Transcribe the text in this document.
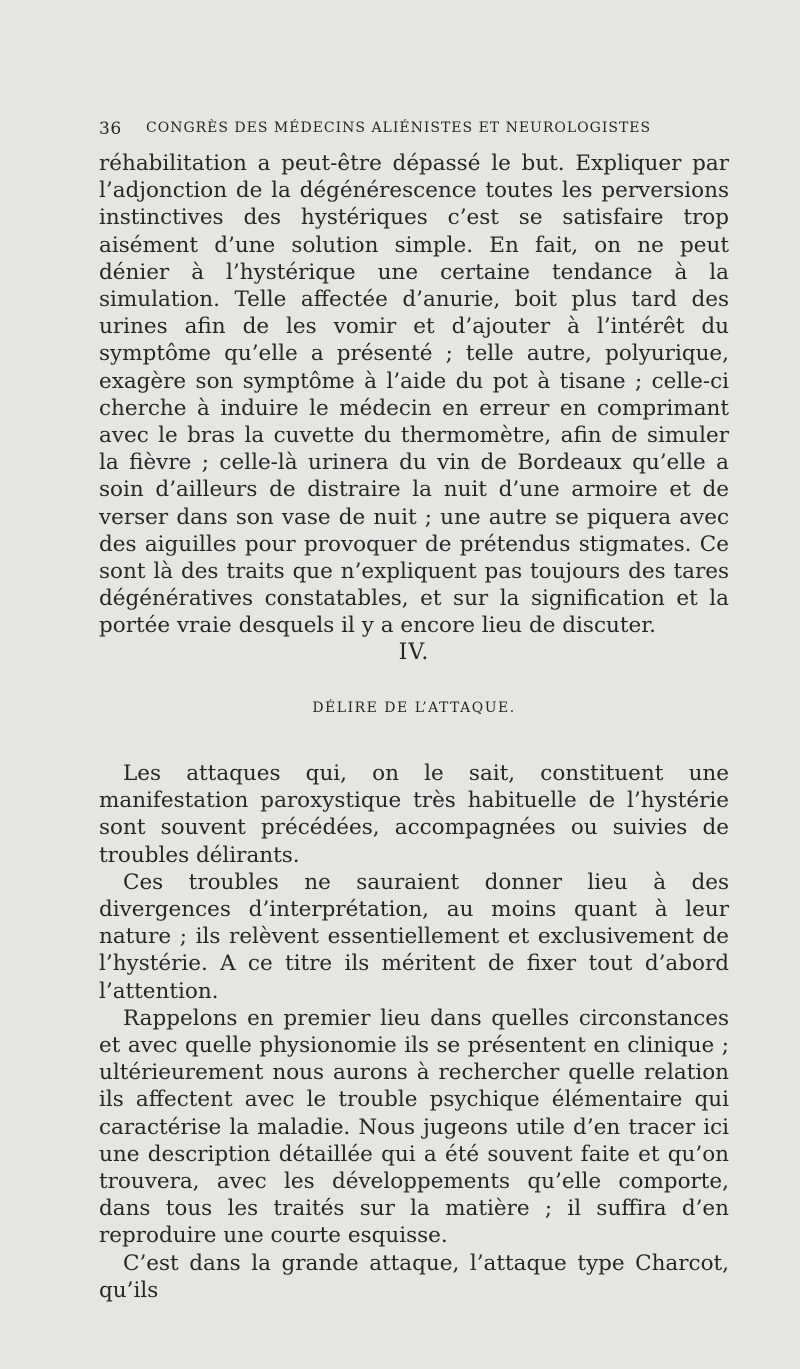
36 CONGRÈS DES MÉDECINS ALIÉNISTES ET NEUROLOGISTES

réhabilitation a peut-être dépassé le but. Expliquer par l’adjonction de la dégénérescence toutes les perversions instinctives des hystériques c’est se satisfaire trop aisément d’une solution simple. En fait, on ne peut dénier à l’hystérique une certaine tendance à la simulation. Telle affectée d’anurie, boit plus tard des urines afin de les vomir et d’ajouter à l’intérêt du symptôme qu’elle a présenté ; telle autre, polyurique, exagère son symptôme à l’aide du pot à tisane ; celle-ci cherche à induire le médecin en erreur en comprimant avec le bras la cuvette du thermomètre, afin de simuler la fièvre ; celle-là urinera du vin de Bordeaux qu’elle a soin d’ailleurs de distraire la nuit d’une armoire et de verser dans son vase de nuit ; une autre se piquera avec des aiguilles pour provoquer de prétendus stigmates. Ce sont là des traits que n’expliquent pas toujours des tares dégénératives constatables, et sur la signification et la portée vraie desquels il y a encore lieu de discuter.

IV.
DÉLIRE DE L’ATTAQUE.

Les attaques qui, on le sait, constituent une manifestation paroxystique très habituelle de l’hystérie sont souvent précédées, accompagnées ou suivies de troubles délirants.

Ces troubles ne sauraient donner lieu à des divergences d’interprétation, au moins quant à leur nature ; ils relèvent essentiellement et exclusivement de l’hystérie. A ce titre ils méritent de fixer tout d’abord l’attention.

Rappelons en premier lieu dans quelles circonstances et avec quelle physionomie ils se présentent en clinique ; ultérieurement nous aurons à rechercher quelle relation ils affectent avec le trouble psychique élémentaire qui caractérise la maladie. Nous jugeons utile d’en tracer ici une description détaillée qui a été souvent faite et qu’on trouvera, avec les développements qu’elle comporte, dans tous les traités sur la matière ; il suffira d’en reproduire une courte esquisse.

C’est dans la grande attaque, l’attaque type Charcot, qu’ils
